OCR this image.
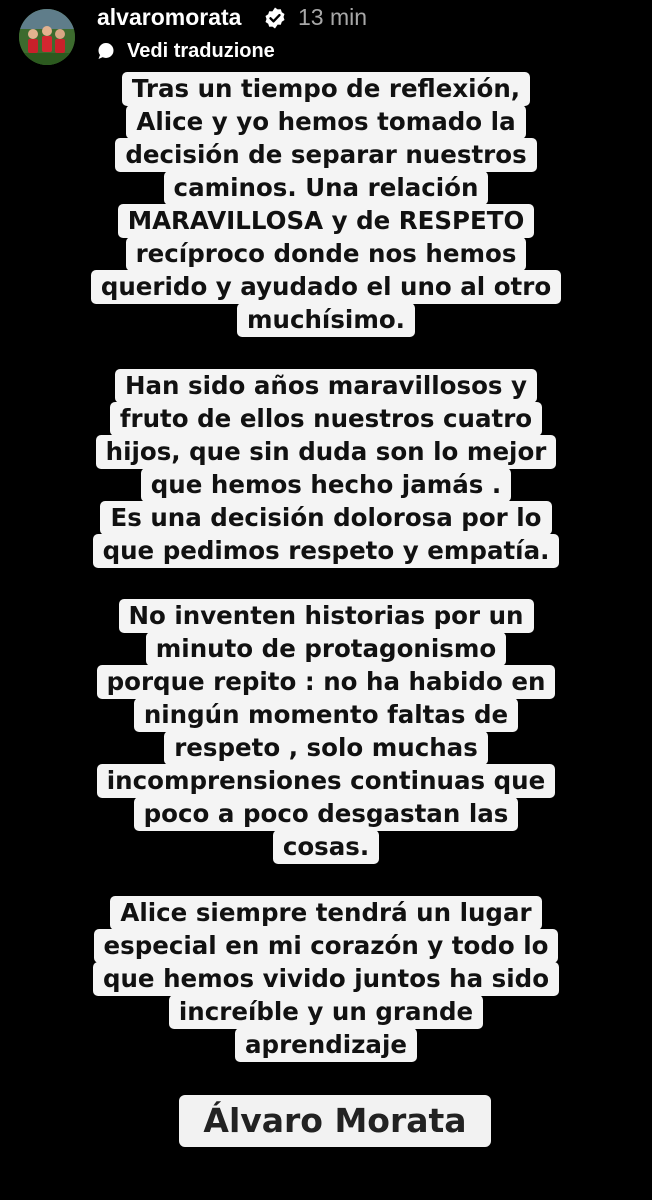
alvaromorata 13 min
Vedi traduzione
Tras un tiempo de reflexión,
Alice y yo hemos tomado la
decisión de separar nuestros
caminos. Una relación
MARAVILLOSA y de RESPETO
recíproco donde nos hemos
querido y ayudado el uno al otro
muchísimo.
Han sido años maravillosos y
fruto de ellos nuestros cuatro
hijos, que sin duda son lo mejor
que hemos hecho jamás .
Es una decisión dolorosa por lo
que pedimos respeto y empatía.
No inventen historias por un
minuto de protagonismo
porque repito : no ha habido en
ningún momento faltas de
respeto , solo muchas
incomprensiones continuas que
poco a poco desgastan las
cosas.
Alice siempre tendrá un lugar
especial en mi corazón y todo lo
que hemos vivido juntos ha sido
increíble y un grande
aprendizaje
Álvaro Morata
